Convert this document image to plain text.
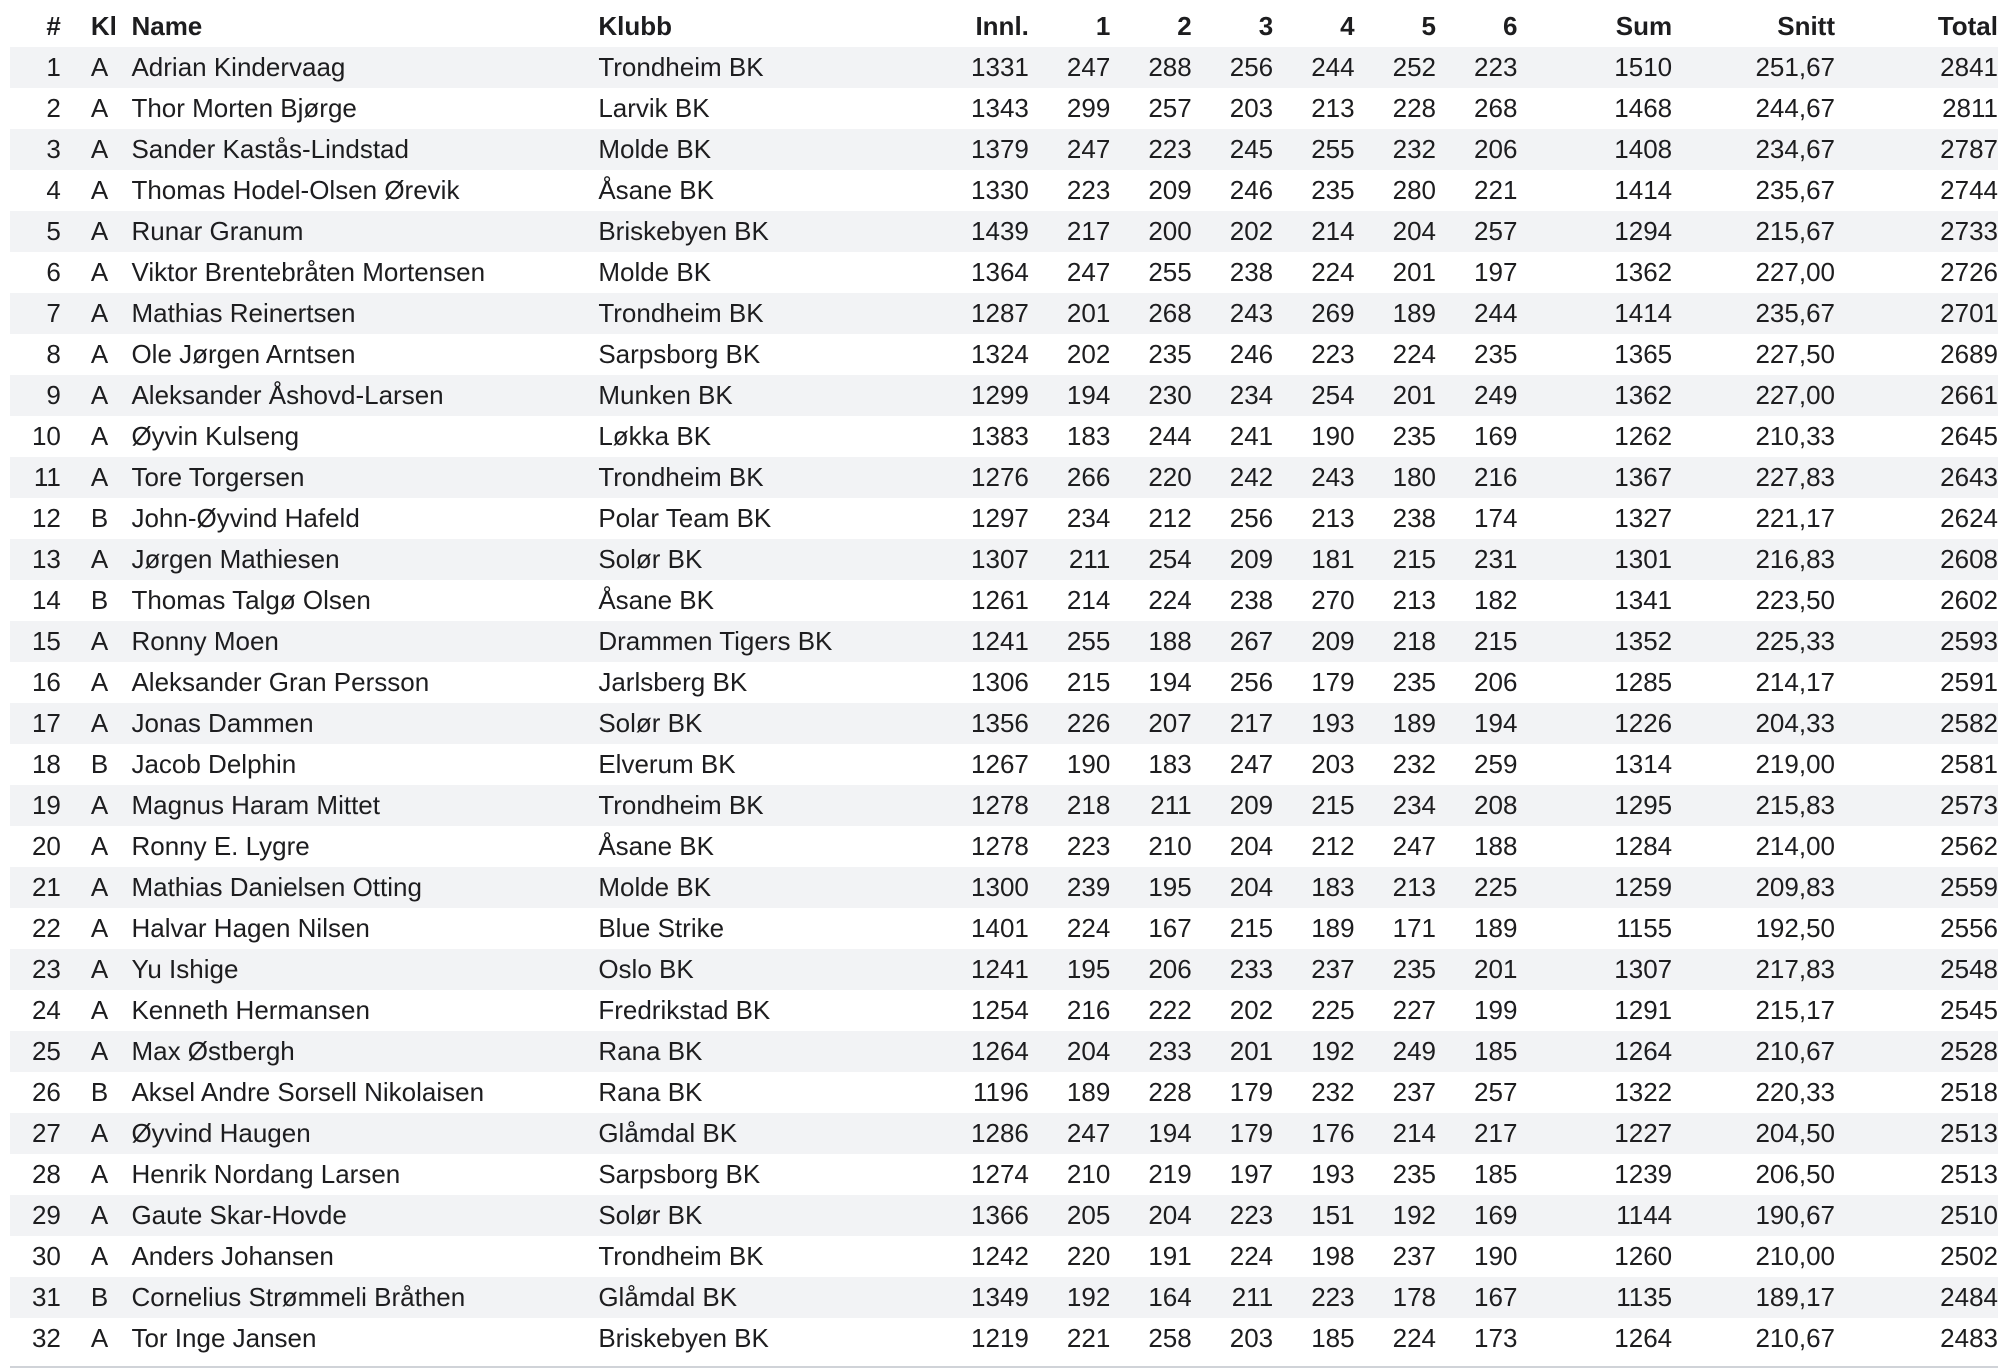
#	Kl	Name	Klubb	Innl.	1	2	3	4	5	6	Sum	Snitt	Total
1	A	Adrian Kindervaag	Trondheim BK	1331	247	288	256	244	252	223	1510	251,67	2841
2	A	Thor Morten Bjørge	Larvik BK	1343	299	257	203	213	228	268	1468	244,67	2811
3	A	Sander Kastås-Lindstad	Molde BK	1379	247	223	245	255	232	206	1408	234,67	2787
4	A	Thomas Hodel-Olsen Ørevik	Åsane BK	1330	223	209	246	235	280	221	1414	235,67	2744
5	A	Runar Granum	Briskebyen BK	1439	217	200	202	214	204	257	1294	215,67	2733
6	A	Viktor Brentebråten Mortensen	Molde BK	1364	247	255	238	224	201	197	1362	227,00	2726
7	A	Mathias Reinertsen	Trondheim BK	1287	201	268	243	269	189	244	1414	235,67	2701
8	A	Ole Jørgen Arntsen	Sarpsborg BK	1324	202	235	246	223	224	235	1365	227,50	2689
9	A	Aleksander Åshovd-Larsen	Munken BK	1299	194	230	234	254	201	249	1362	227,00	2661
10	A	Øyvin Kulseng	Løkka BK	1383	183	244	241	190	235	169	1262	210,33	2645
11	A	Tore Torgersen	Trondheim BK	1276	266	220	242	243	180	216	1367	227,83	2643
12	B	John-Øyvind Hafeld	Polar Team BK	1297	234	212	256	213	238	174	1327	221,17	2624
13	A	Jørgen Mathiesen	Solør BK	1307	211	254	209	181	215	231	1301	216,83	2608
14	B	Thomas Talgø Olsen	Åsane BK	1261	214	224	238	270	213	182	1341	223,50	2602
15	A	Ronny Moen	Drammen Tigers BK	1241	255	188	267	209	218	215	1352	225,33	2593
16	A	Aleksander Gran Persson	Jarlsberg BK	1306	215	194	256	179	235	206	1285	214,17	2591
17	A	Jonas Dammen	Solør BK	1356	226	207	217	193	189	194	1226	204,33	2582
18	B	Jacob Delphin	Elverum BK	1267	190	183	247	203	232	259	1314	219,00	2581
19	A	Magnus Haram Mittet	Trondheim BK	1278	218	211	209	215	234	208	1295	215,83	2573
20	A	Ronny E. Lygre	Åsane BK	1278	223	210	204	212	247	188	1284	214,00	2562
21	A	Mathias Danielsen Otting	Molde BK	1300	239	195	204	183	213	225	1259	209,83	2559
22	A	Halvar Hagen Nilsen	Blue Strike	1401	224	167	215	189	171	189	1155	192,50	2556
23	A	Yu Ishige	Oslo BK	1241	195	206	233	237	235	201	1307	217,83	2548
24	A	Kenneth Hermansen	Fredrikstad BK	1254	216	222	202	225	227	199	1291	215,17	2545
25	A	Max Østbergh	Rana BK	1264	204	233	201	192	249	185	1264	210,67	2528
26	B	Aksel Andre Sorsell Nikolaisen	Rana BK	1196	189	228	179	232	237	257	1322	220,33	2518
27	A	Øyvind Haugen	Glåmdal BK	1286	247	194	179	176	214	217	1227	204,50	2513
28	A	Henrik Nordang Larsen	Sarpsborg BK	1274	210	219	197	193	235	185	1239	206,50	2513
29	A	Gaute Skar-Hovde	Solør BK	1366	205	204	223	151	192	169	1144	190,67	2510
30	A	Anders Johansen	Trondheim BK	1242	220	191	224	198	237	190	1260	210,00	2502
31	B	Cornelius Strømmeli Bråthen	Glåmdal BK	1349	192	164	211	223	178	167	1135	189,17	2484
32	A	Tor Inge Jansen	Briskebyen BK	1219	221	258	203	185	224	173	1264	210,67	2483
